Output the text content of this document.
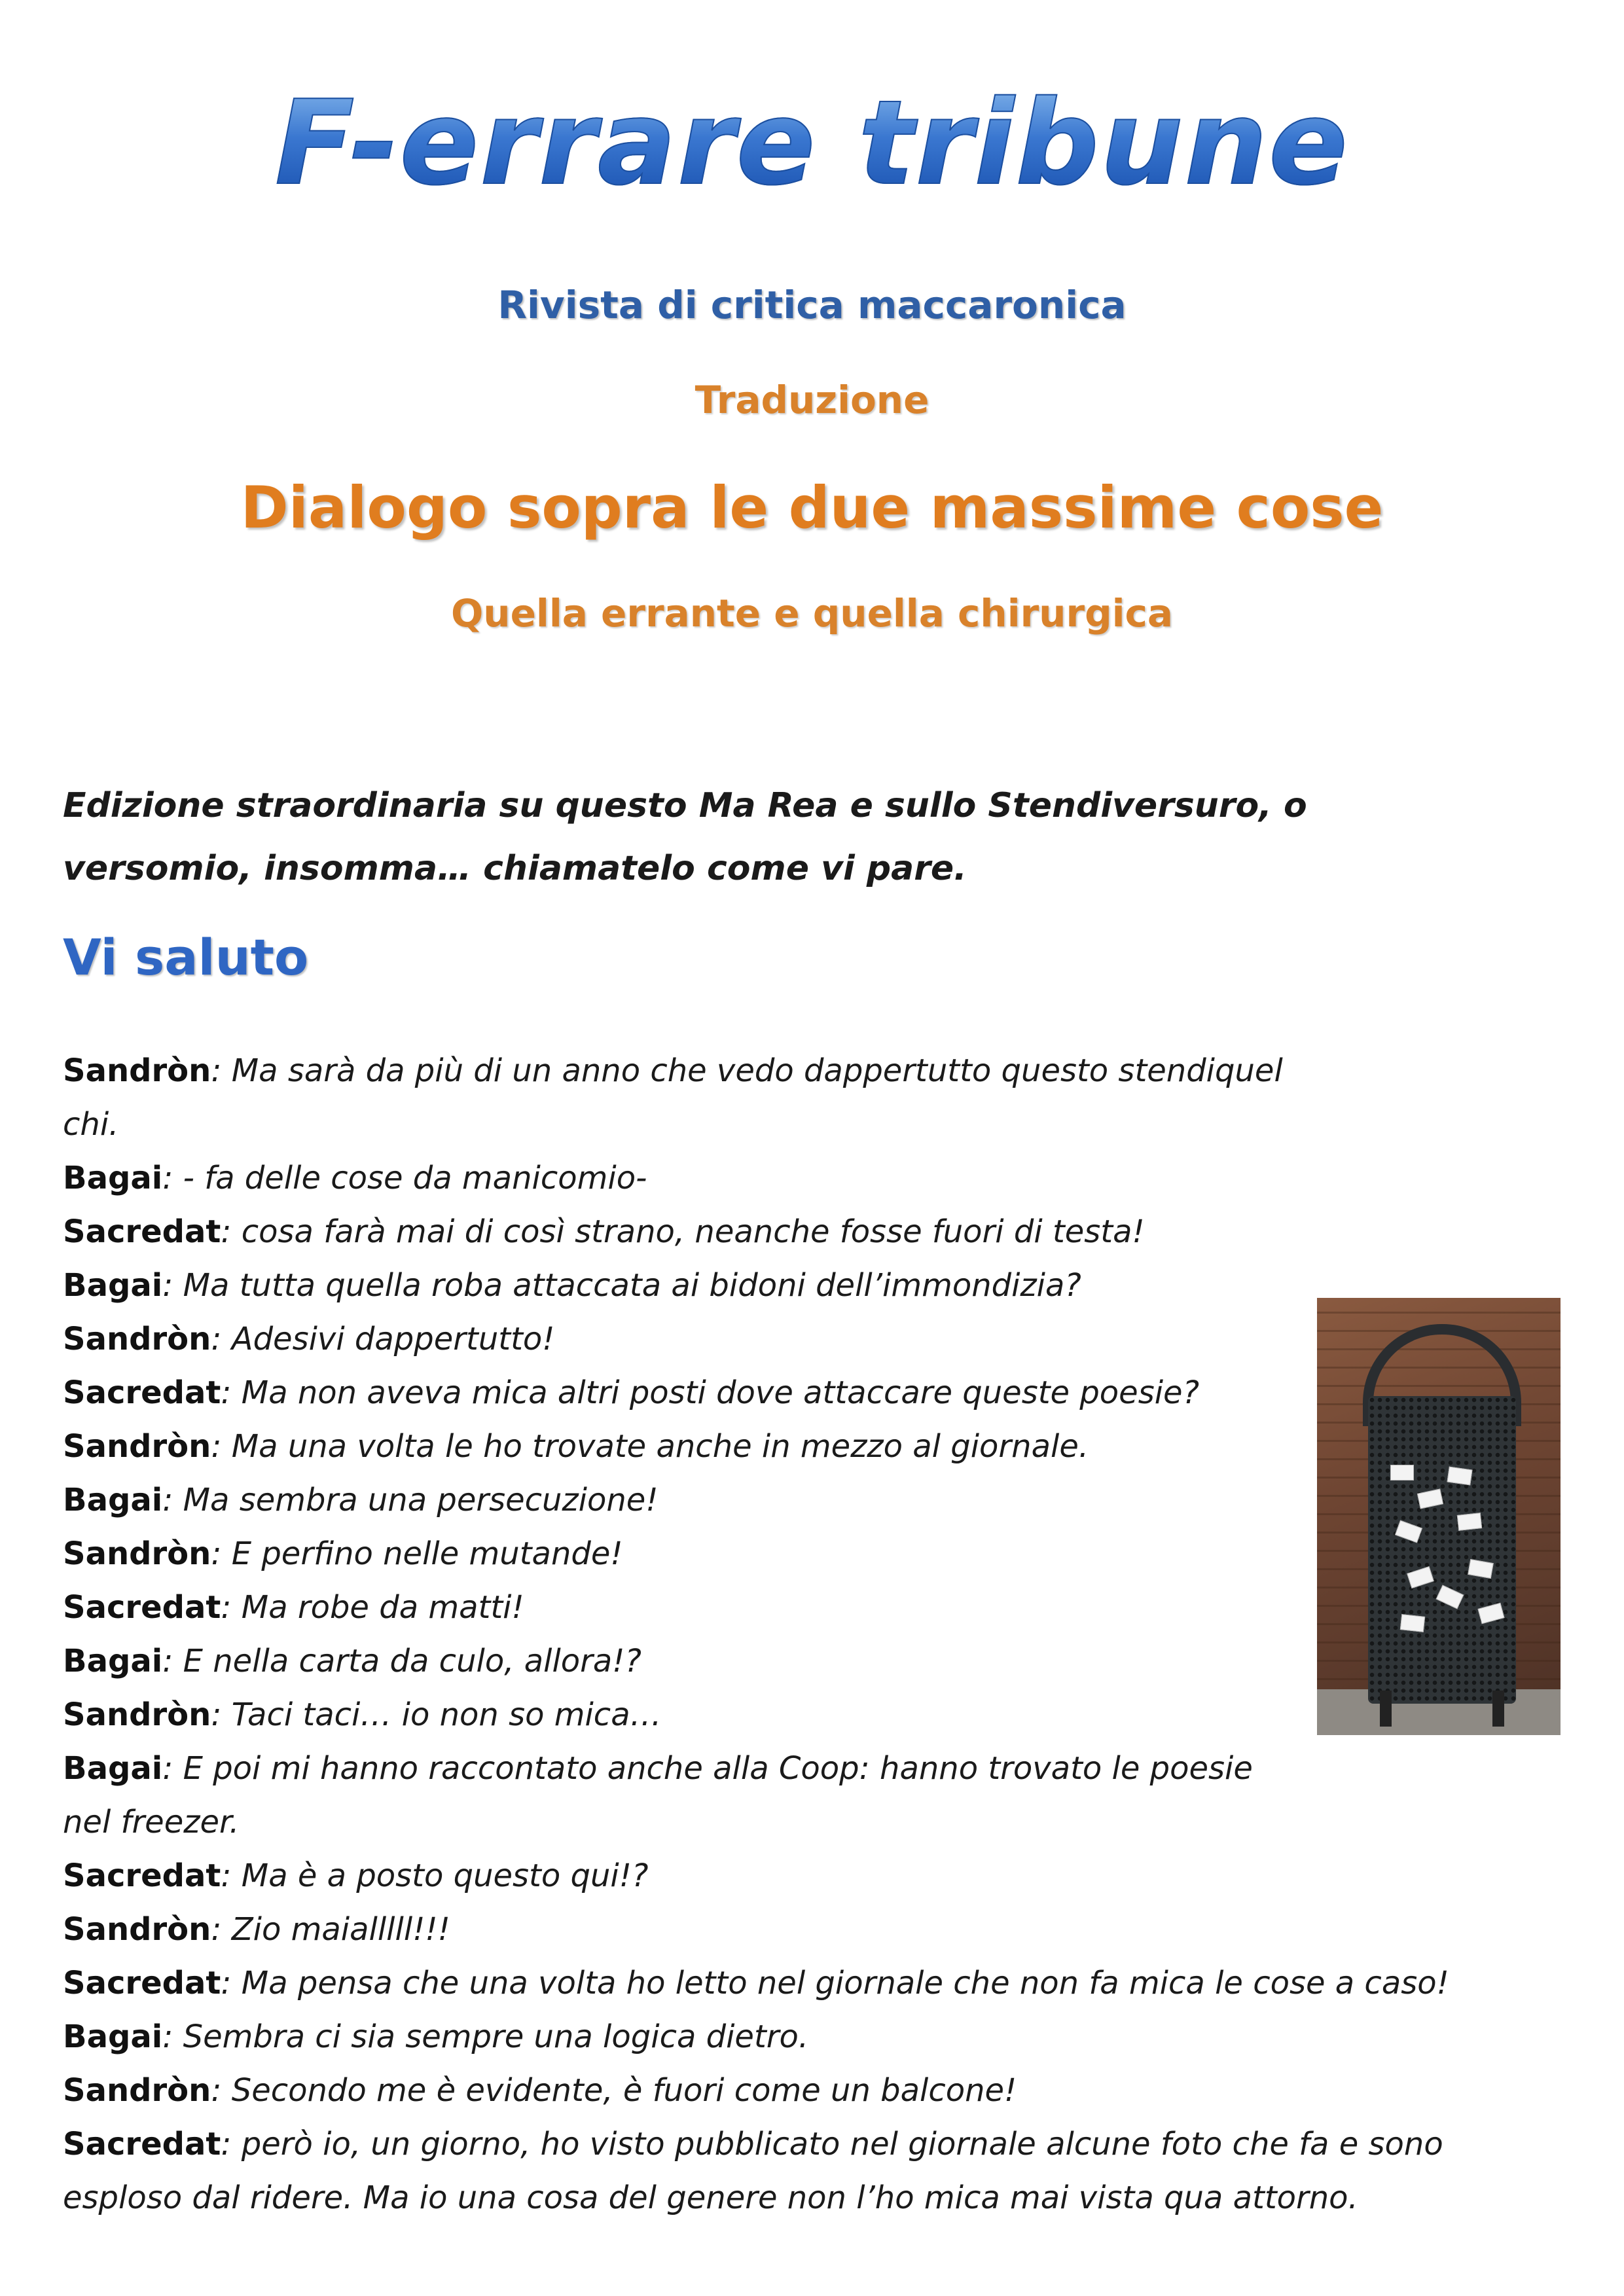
F-errare tribune
Rivista di critica maccaronica
Traduzione
Dialogo sopra le due massime cose
Quella errante e quella chirurgica

Edizione straordinaria su questo Ma Rea e sullo Stendiversuro, o versomio, insomma… chiamatelo come vi pare.

Vi saluto
Sandròn: Ma sarà da più di un anno che vedo dappertutto questo stendiquel chi.
Bagai: - fa delle cose da manicomio-
Sacredat: cosa farà mai di così strano, neanche fosse fuori di testa!
Bagai: Ma tutta quella roba attaccata ai bidoni dell’immondizia?
Sandròn: Adesivi dappertutto!
Sacredat: Ma non aveva mica altri posti dove attaccare queste poesie?
Sandròn: Ma una volta le ho trovate anche in mezzo al giornale.
Bagai: Ma sembra una persecuzione!
Sandròn: E perfino nelle mutande!
Sacredat: Ma robe da matti!
Bagai: E nella carta da culo, allora!?
Sandròn: Taci taci… io non so mica…
Bagai: E poi mi hanno raccontato anche alla Coop: hanno trovato le poesie nel freezer.
Sacredat: Ma è a posto questo qui!?
Sandròn: Zio maialllll!!!
Sacredat: Ma pensa che una volta ho letto nel giornale che non fa mica le cose a caso!
Bagai: Sembra ci sia sempre una logica dietro.
Sandròn: Secondo me è evidente, è fuori come un balcone!
Sacredat: però io, un giorno, ho visto pubblicato nel giornale alcune foto che fa e sono esploso dal ridere. Ma io una cosa del genere non l’ho mica mai vista qua attorno.
